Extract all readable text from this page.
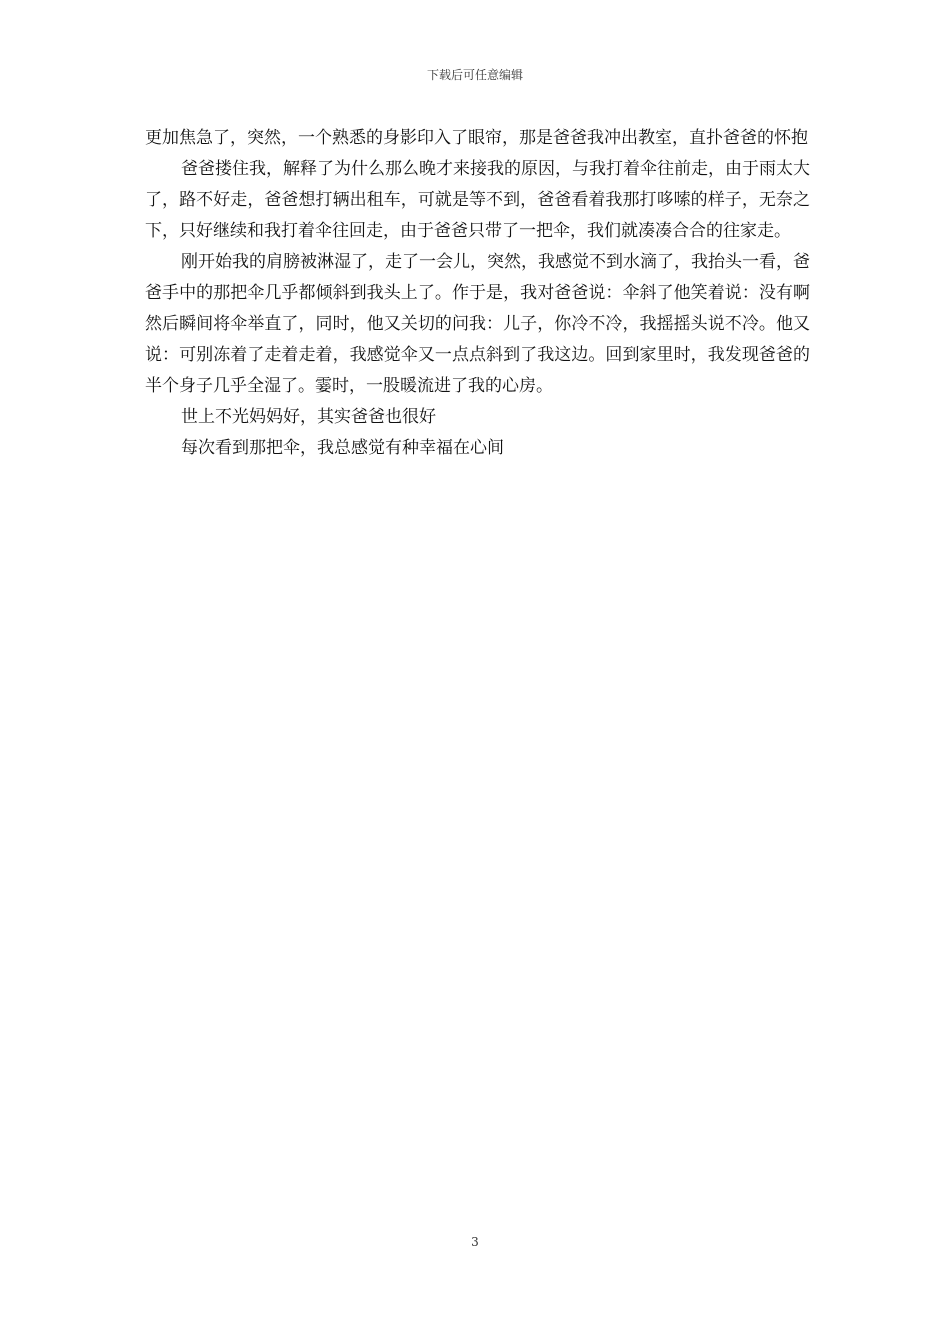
下载后可任意编辑

更加焦急了，突然，一个熟悉的身影印入了眼帘，那是爸爸我冲出教室，直扑爸爸的怀抱

爸爸搂住我，解释了为什么那么晚才来接我的原因，与我打着伞往前走，由于雨太大了，路不好走，爸爸想打辆出租车，可就是等不到，爸爸看着我那打哆嗦的样子，无奈之下，只好继续和我打着伞往回走，由于爸爸只带了一把伞，我们就凑凑合合的往家走。

刚开始我的肩膀被淋湿了，走了一会儿，突然，我感觉不到水滴了，我抬头一看，爸爸手中的那把伞几乎都倾斜到我头上了。作于是，我对爸爸说：伞斜了他笑着说：没有啊然后瞬间将伞举直了，同时，他又关切的问我：儿子，你冷不冷，我摇摇头说不冷。他又说：可别冻着了走着走着，我感觉伞又一点点斜到了我这边。回到家里时，我发现爸爸的半个身子几乎全湿了。霎时，一股暖流进了我的心房。

世上不光妈妈好，其实爸爸也很好

每次看到那把伞，我总感觉有种幸福在心间

3
